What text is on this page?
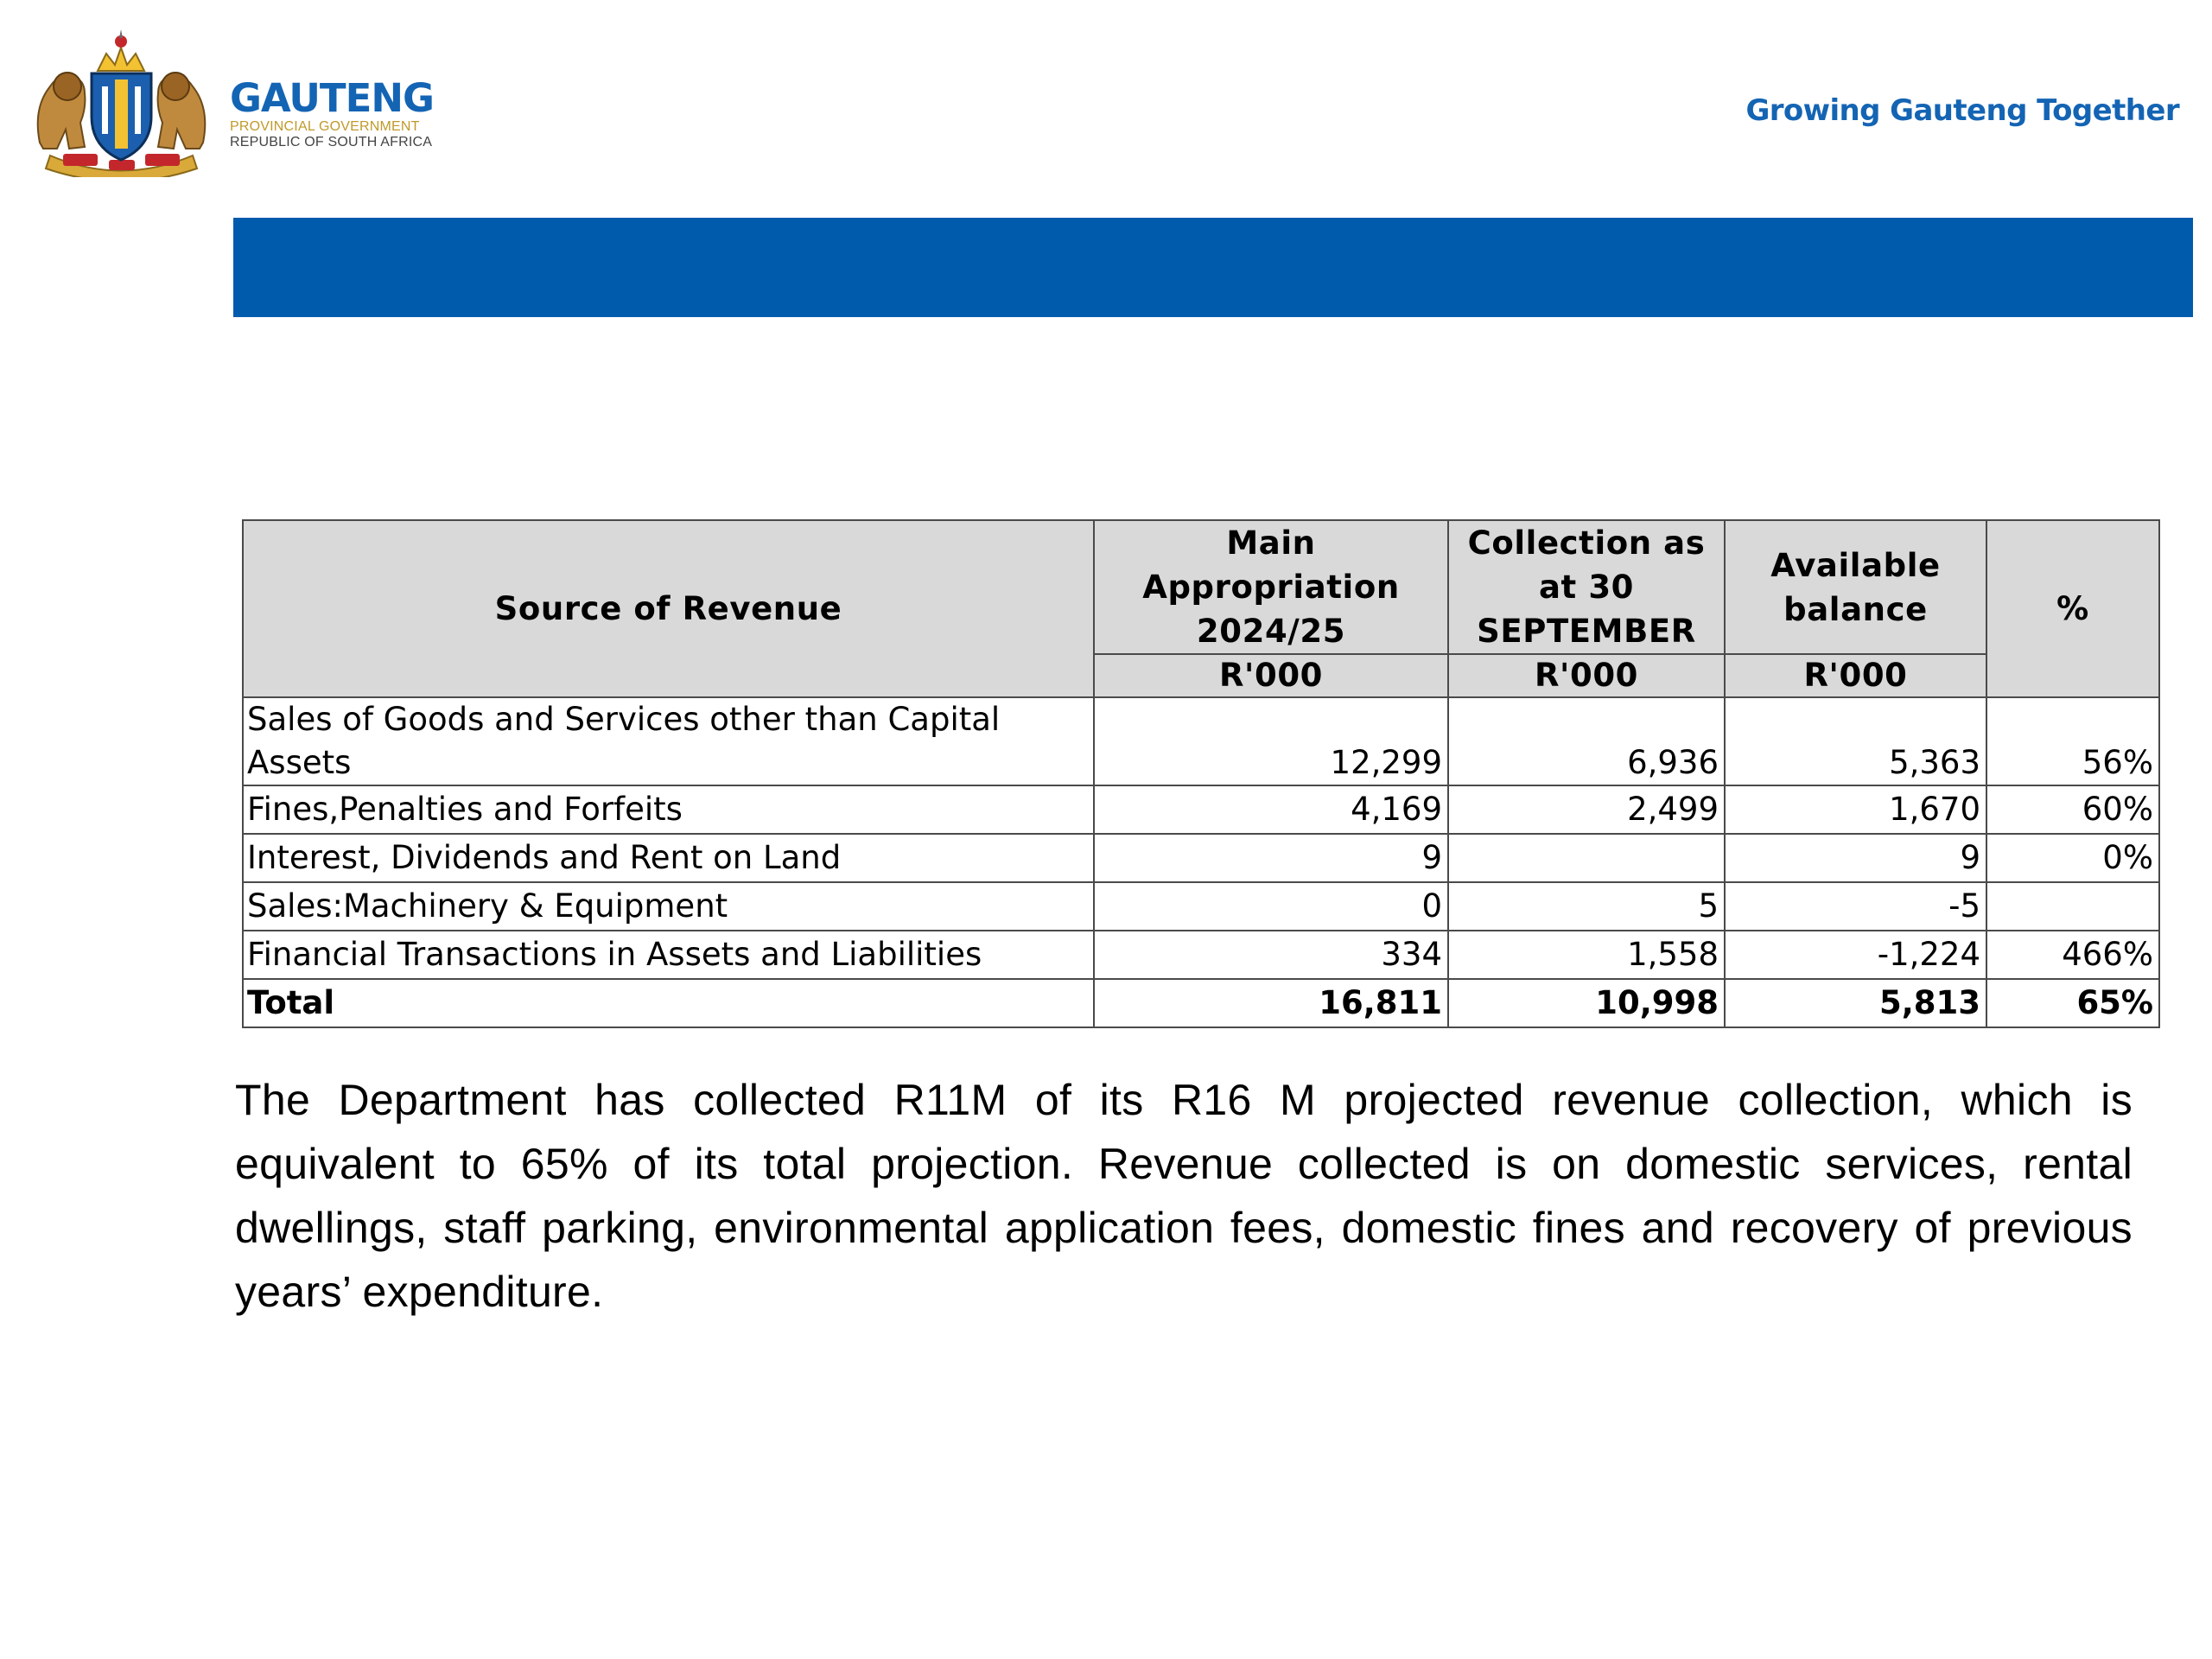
GAUTENG
PROVINCIAL GOVERNMENT
REPUBLIC OF SOUTH AFRICA
Growing Gauteng Together
Source of Revenue	Main Appropriation 2024/25	Collection as at 30 SEPTEMBER	Available balance	%
	R'000	R'000	R'000	
Sales of Goods and Services other than Capital Assets	12,299	6,936	5,363	56%
Fines,Penalties and Forfeits	4,169	2,499	1,670	60%
Interest, Dividends and Rent on Land	9		9	0%
Sales:Machinery & Equipment	0	5	-5	
Financial Transactions in Assets and Liabilities	334	1,558	-1,224	466%
Total	16,811	10,998	5,813	65%

The Department has collected R11M of its R16 M projected revenue collection, which is equivalent to 65% of its total projection. Revenue collected is on domestic services, rental dwellings, staff parking, environmental application fees, domestic fines and recovery of previous years’ expenditure.
